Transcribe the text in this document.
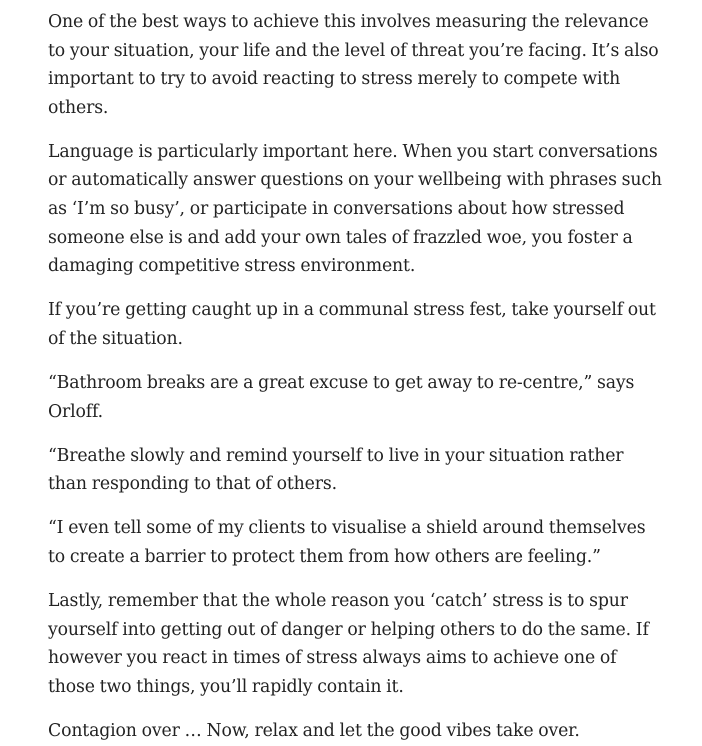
One of the best ways to achieve this involves measuring the relevance to your situation, your life and the level of threat you’re facing. It’s also important to try to avoid reacting to stress merely to compete with others.

Language is particularly important here. When you start conversations or automatically answer questions on your wellbeing with phrases such as ‘I’m so busy’, or participate in conversations about how stressed someone else is and add your own tales of frazzled woe, you foster a damaging competitive stress environment.

If you’re getting caught up in a communal stress fest, take yourself out of the situation.

“Bathroom breaks are a great excuse to get away to re-centre,” says Orloff.

“Breathe slowly and remind yourself to live in your situation rather than responding to that of others.

“I even tell some of my clients to visualise a shield around themselves to create a barrier to protect them from how others are feeling.”

Lastly, remember that the whole reason you ‘catch’ stress is to spur yourself into getting out of danger or helping others to do the same. If however you react in times of stress always aims to achieve one of those two things, you’ll rapidly contain it.

Contagion over … Now, relax and let the good vibes take over.
